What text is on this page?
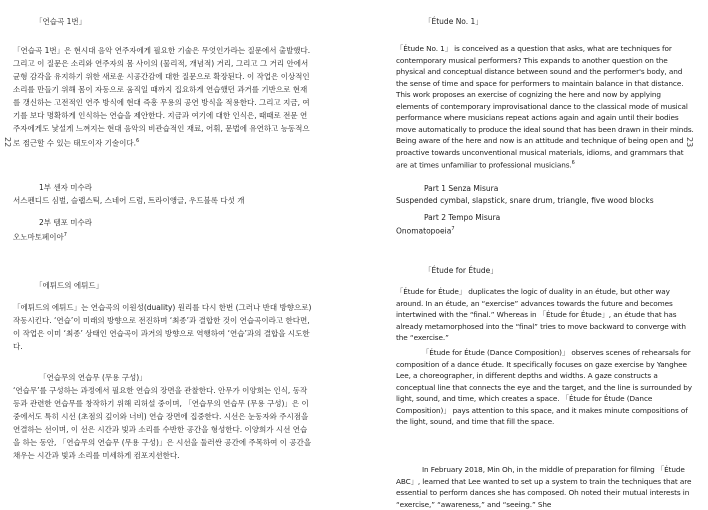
22	23
「연습곡 1번」
「연습곡 1번」은 현시대 음악 연주자에게 필요한 기술은 무엇인가라는 질문에서 출발했다. 그리고 이 질문은 소리와 연주자의 몸 사이의 (물리적, 개념적) 거리, 그리고 그 거리 안에서 균형 감각을 유지하기 위한 새로운 시공간감에 대한 질문으로 확장된다. 이 작업은 이상적인 소리를 만들기 위해 몸이 자동으로 움직일 때까지 집요하게 연습했던 과거를 기반으로 현재를 갱신하는 고전적인 연주 방식에 현대 즉흥 무용의 공연 방식을 적용한다. 그리고 지금, 여기를 보다 명확하게 인식하는 연습을 제안한다. 지금과 여기에 대한 인식은, 때때로 전문 연주자에게도 낯설게 느껴지는 현대 음악의 비관습적인 재료, 어휘, 문법에 유연하고 능동적으로 접근할 수 있는 태도이자 기술이다.$^6$
1부 센자 미수라
서스펜디드 심벌, 슬랩스틱, 스네어 드럼, 트라이앵글, 우드블록 다섯 개
2부 템포 미수라
오노마토페이아$^7$
「에튀드의 에튀드」
「에튀드의 에튀드」는 연습곡의 이원성(duality) 원리를 다시 한번 (그러나 반대 방향으로) 작동시킨다. ‘연습’이 미래의 방향으로 전진하며 ‘최종’과 결합한 것이 연습곡이라고 한다면, 이 작업은 이미 ‘최종’ 상태인 연습곡이 과거의 방향으로 역행하여 ‘연습’과의 결합을 시도한다.
「연습무의 연습무 (무용 구성)」
‘연습무’를 구성하는 과정에서 필요한 연습의 장면을 관찰한다. 안무가 이양희는 인식, 동작 등과 관련한 연습무를 창작하기 위해 리허설 중이며, 「연습무의 연습무 (무용 구성)」은 이 중에서도 특히 시선 (초점의 깊이와 너비) 연습 장면에 집중한다. 시선은 눈동자와 주시점을 연결하는 선이며, 이 선은 시간과 빛과 소리를 수반한 공간을 형성한다. 이양희가 시선 연습을 하는 동안, 「연습무의 연습무 (무용 구성)」은 시선을 둘러싼 공간에 주목하여 이 공간을 채우는 시간과 빛과 소리를 미세하게 컴포지션한다.
「Étude No. 1」
「Étude No. 1」 is conceived as a question that asks, what are techniques for contemporary musical performers? This expands to another question on the physical and conceptual distance between sound and the performer's body, and the sense of time and space for performers to maintain balance in that distance. This work proposes an exercise of cognizing the here and now by applying elements of contemporary improvisational dance to the classical mode of musical performance where musicians repeat actions again and again until their bodies move automatically to produce the ideal sound that has been drawn in their minds. Being aware of the here and now is an attitude and technique of being open and proactive towards unconventional musical materials, idioms, and grammars that are at times unfamiliar to professional musicians.$^6$
Part 1 Senza Misura
Suspended cymbal, slapstick, snare drum, triangle, five wood blocks
Part 2 Tempo Misura
Onomatopoeia$^7$
「Étude for Étude」
「Étude for Étude」 duplicates the logic of duality in an étude, but other way around. In an étude, an “exercise” advances towards the future and becomes intertwined with the “final.” Whereas in 「Étude for Étude」, an étude that has already metamorphosed into the “final” tries to move backward to converge with the “exercise.”
「Étude for Étude (Dance Composition)」 observes scenes of rehearsals for composition of a dance étude. It specifically focuses on gaze exercise by Yanghee Lee, a choreographer, in different depths and widths. A gaze constructs a conceptual line that connects the eye and the target, and the line is surrounded by light, sound, and time, which creates a space. 「Étude for Étude (Dance Composition)」 pays attention to this space, and it makes minute compositions of the light, sound, and time that fill the space.
In February 2018, Min Oh, in the middle of preparation for filming 「Étude ABC」, learned that Lee wanted to set up a system to train the techniques that are essential to perform dances she has composed. Oh noted their mutual interests in “exercise,” “awareness,” and “seeing.” She
